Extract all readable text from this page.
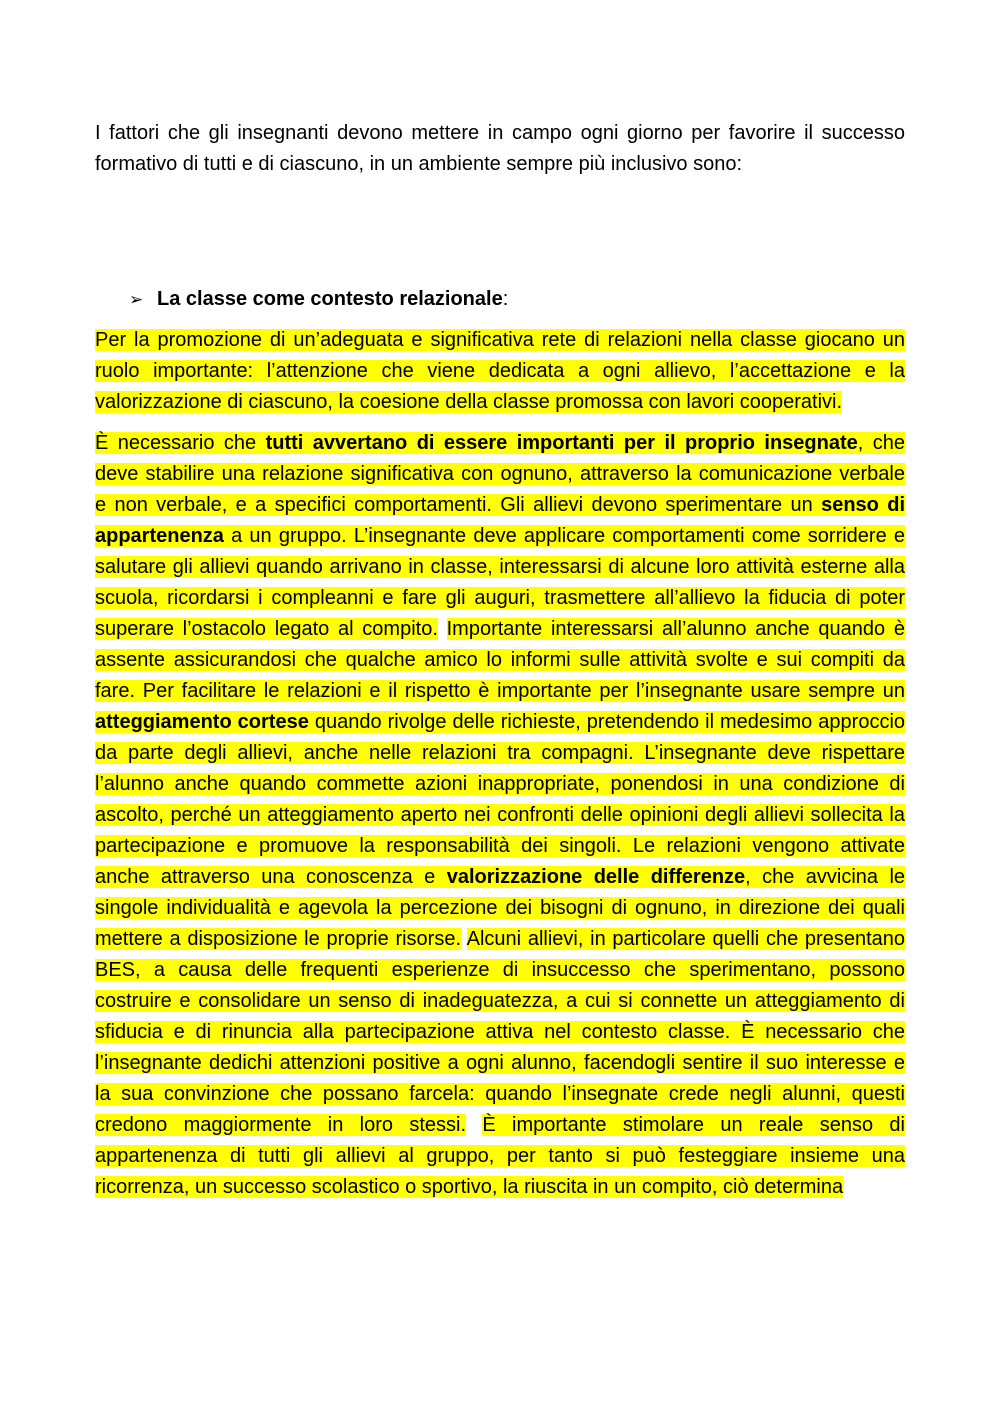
I fattori che gli insegnanti devono mettere in campo ogni giorno per favorire il successo formativo di tutti e di ciascuno, in un ambiente sempre più inclusivo sono:

➢ La classe come contesto relazionale :

Per la promozione di un’adeguata e significativa rete di relazioni nella classe giocano un ruolo importante: l’attenzione che viene dedicata a ogni allievo, l’accettazione e la valorizzazione di ciascuno, la coesione della classe promossa con lavori cooperativi.

È necessario che tutti avvertano di essere importanti per il proprio insegnate, che deve stabilire una relazione significativa con ognuno, attraverso la comunicazione verbale e non verbale, e a specifici comportamenti. Gli allievi devono sperimentare un senso di appartenenza a un gruppo. L’insegnante deve applicare comportamenti come sorridere e salutare gli allievi quando arrivano in classe, interessarsi di alcune loro attività esterne alla scuola, ricordarsi i compleanni e fare gli auguri, trasmettere all’allievo la fiducia di poter superare l’ostacolo legato al compito. Importante interessarsi all’alunno anche quando è assente assicurandosi che qualche amico lo informi sulle attività svolte e sui compiti da fare. Per facilitare le relazioni e il rispetto è importante per l’insegnante usare sempre un atteggiamento cortese quando rivolge delle richieste, pretendendo il medesimo approccio da parte degli allievi, anche nelle relazioni tra compagni. L’insegnante deve rispettare l’alunno anche quando commette azioni inappropriate, ponendosi in una condizione di ascolto, perché un atteggiamento aperto nei confronti delle opinioni degli allievi sollecita la partecipazione e promuove la responsabilità dei singoli. Le relazioni vengono attivate anche attraverso una conoscenza e valorizzazione delle differenze, che avvicina le singole individualità e agevola la percezione dei bisogni di ognuno, in direzione dei quali mettere a disposizione le proprie risorse. Alcuni allievi, in particolare quelli che presentano BES, a causa delle frequenti esperienze di insuccesso che sperimentano, possono costruire e consolidare un senso di inadeguatezza, a cui si connette un atteggiamento di sfiducia e di rinuncia alla partecipazione attiva nel contesto classe. È necessario che l’insegnante dedichi attenzioni positive a ogni alunno, facendogli sentire il suo interesse e la sua convinzione che possano farcela: quando l’insegnate crede negli alunni, questi credono maggiormente in loro stessi. È importante stimolare un reale senso di appartenenza di tutti gli allievi al gruppo, per tanto si può festeggiare insieme una ricorrenza, un successo scolastico o sportivo, la riuscita in un compito, ciò determina
